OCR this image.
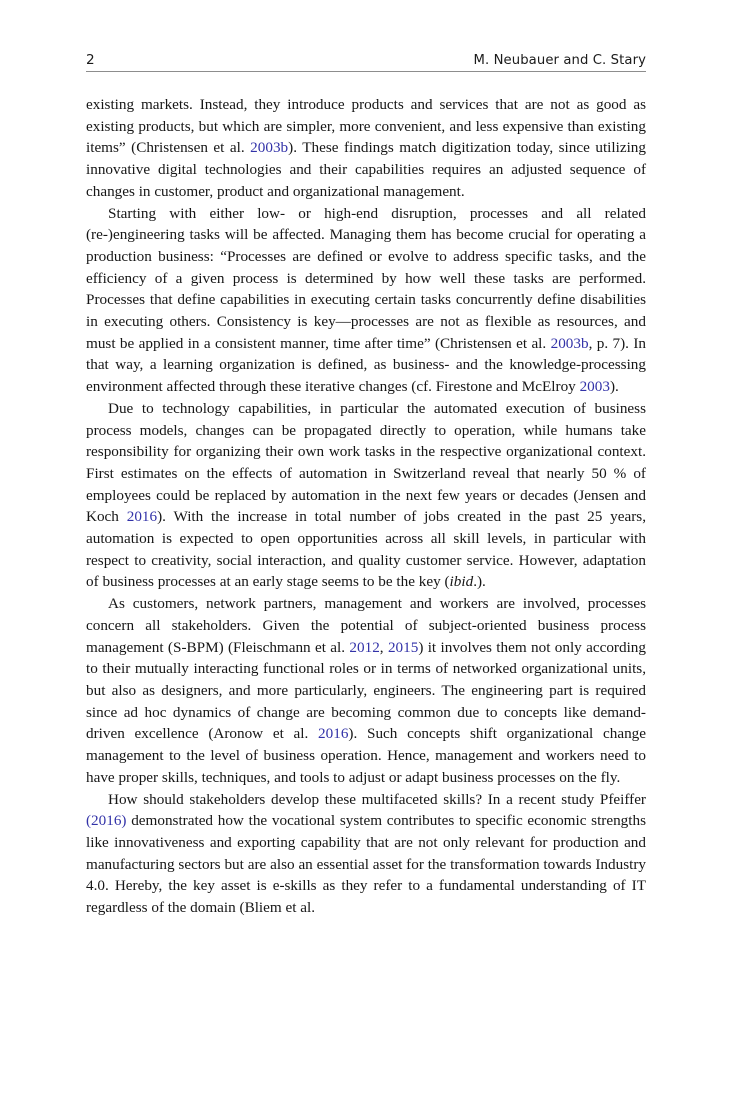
2	M. Neubauer and C. Stary

existing markets. Instead, they introduce products and services that are not as good as existing products, but which are simpler, more convenient, and less expensive than existing items” (Christensen et al. 2003b). These findings match digitization today, since utilizing innovative digital technologies and their capabilities requires an adjusted sequence of changes in customer, product and organizational management.

Starting with either low- or high-end disruption, processes and all related (re-)engineering tasks will be affected. Managing them has become crucial for operating a production business: “Processes are defined or evolve to address specific tasks, and the efficiency of a given process is determined by how well these tasks are performed. Processes that define capabilities in executing certain tasks concurrently define disabilities in executing others. Consistency is key—processes are not as flexible as resources, and must be applied in a consistent manner, time after time” (Christensen et al. 2003b, p. 7). In that way, a learning organization is defined, as business- and the knowledge-processing environment affected through these iterative changes (cf. Firestone and McElroy 2003).

Due to technology capabilities, in particular the automated execution of business process models, changes can be propagated directly to operation, while humans take responsibility for organizing their own work tasks in the respective organizational context. First estimates on the effects of automation in Switzerland reveal that nearly 50 % of employees could be replaced by automation in the next few years or decades (Jensen and Koch 2016). With the increase in total number of jobs created in the past 25 years, automation is expected to open opportunities across all skill levels, in particular with respect to creativity, social interaction, and quality customer service. However, adaptation of business processes at an early stage seems to be the key (ibid.).

As customers, network partners, management and workers are involved, processes concern all stakeholders. Given the potential of subject-oriented business process management (S-BPM) (Fleischmann et al. 2012, 2015) it involves them not only according to their mutually interacting functional roles or in terms of networked organizational units, but also as designers, and more particularly, engineers. The engineering part is required since ad hoc dynamics of change are becoming common due to concepts like demand-driven excellence (Aronow et al. 2016). Such concepts shift organizational change management to the level of business operation. Hence, management and workers need to have proper skills, techniques, and tools to adjust or adapt business processes on the fly.

How should stakeholders develop these multifaceted skills? In a recent study Pfeiffer (2016) demonstrated how the vocational system contributes to specific economic strengths like innovativeness and exporting capability that are not only relevant for production and manufacturing sectors but are also an essential asset for the transformation towards Industry 4.0. Hereby, the key asset is e-skills as they refer to a fundamental understanding of IT regardless of the domain (Bliem et al.
